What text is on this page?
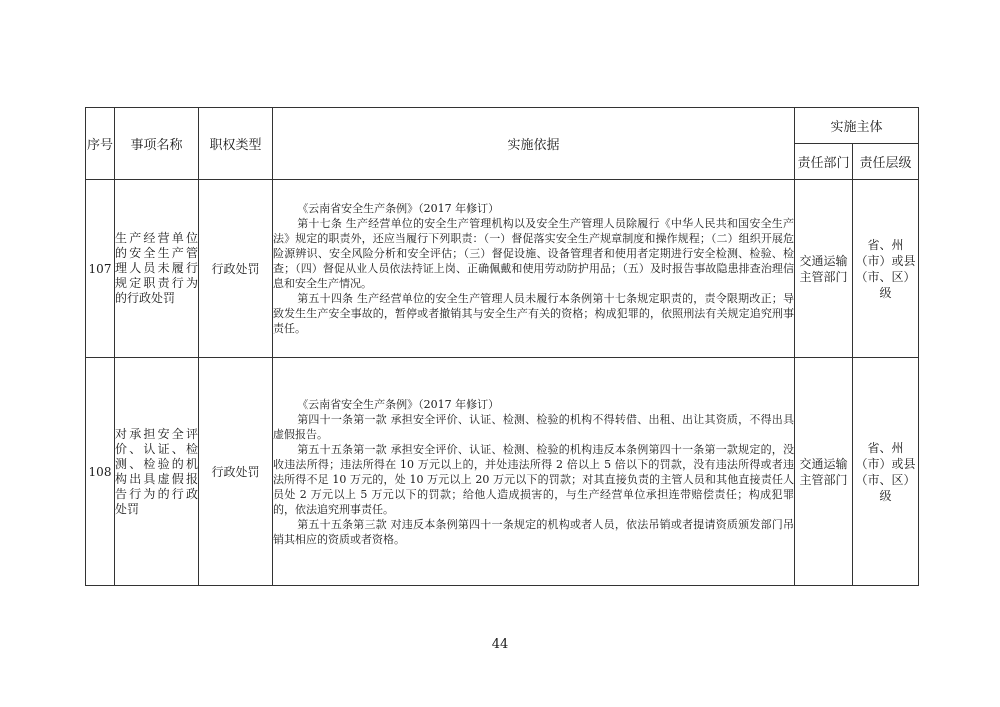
序号	事项名称	职权类型	实施依据	实施主体	
				责任部门	责任层级
107	生产经营单位的安全生产管理人员未履行规定职责行为的行政处罚	行政处罚	《云南省安全生产条例》（2017 年修订）

第十七条 生产经营单位的安全生产管理机构以及安全生产管理人员除履行《中华人民共和国安全生产法》规定的职责外，还应当履行下列职责：（一）督促落实安全生产规章制度和操作规程；（二）组织开展危险源辨识、安全风险分析和安全评估；（三）督促设施、设备管理者和使用者定期进行安全检测、检验、检查；（四）督促从业人员依法持证上岗、正确佩戴和使用劳动防护用品；（五）及时报告事故隐患排查治理信息和安全生产情况。

第五十四条 生产经营单位的安全生产管理人员未履行本条例第十七条规定职责的，责令限期改正；导致发生生产安全事故的，暂停或者撤销其与安全生产有关的资格；构成犯罪的，依照刑法有关规定追究刑事责任。	交通运输主管部门	省、州（市）或县（市、区）级
108	对承担安全评价、认证、检测、检验的机构出具虚假报告行为的行政处罚	行政处罚	《云南省安全生产条例》（2017 年修订）

第四十一条第一款 承担安全评价、认证、检测、检验的机构不得转借、出租、出让其资质，不得出具虚假报告。

第五十五条第一款 承担安全评价、认证、检测、检验的机构违反本条例第四十一条第一款规定的，没收违法所得；违法所得在 10 万元以上的，并处违法所得 2 倍以上 5 倍以下的罚款，没有违法所得或者违法所得不足 10 万元的，处 10 万元以上 20 万元以下的罚款；对其直接负责的主管人员和其他直接责任人员处 2 万元以上 5 万元以下的罚款；给他人造成损害的，与生产经营单位承担连带赔偿责任；构成犯罪的，依法追究刑事责任。

第五十五条第三款 对违反本条例第四十一条规定的机构或者人员，依法吊销或者提请资质颁发部门吊销其相应的资质或者资格。	交通运输主管部门	省、州（市）或县（市、区）级
44
